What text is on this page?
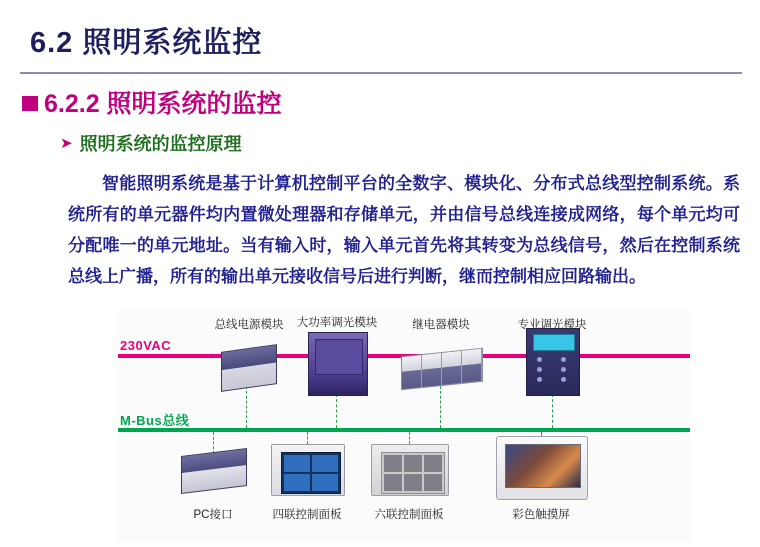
6.2 照明系统监控
6.2.2 照明系统的监控
➤ 照明系统的监控原理
智能照明系统是基于计算机控制平台的全数字、模块化、分布式总线型控制系统。系统所有的单元器件均内置微处理器和存储单元，并由信号总线连接成网络，每个单元均可分配唯一的单元地址。当有输入时，输入单元首先将其转变为总线信号，然后在控制系统总线上广播，所有的输出单元接收信号后进行判断，继而控制相应回路输出。
230VAC
M-Bus总线
总线电源模块	大功率调光模块	继电器模块	专业调光模块
PC接口	四联控制面板	六联控制面板	彩色触摸屏
